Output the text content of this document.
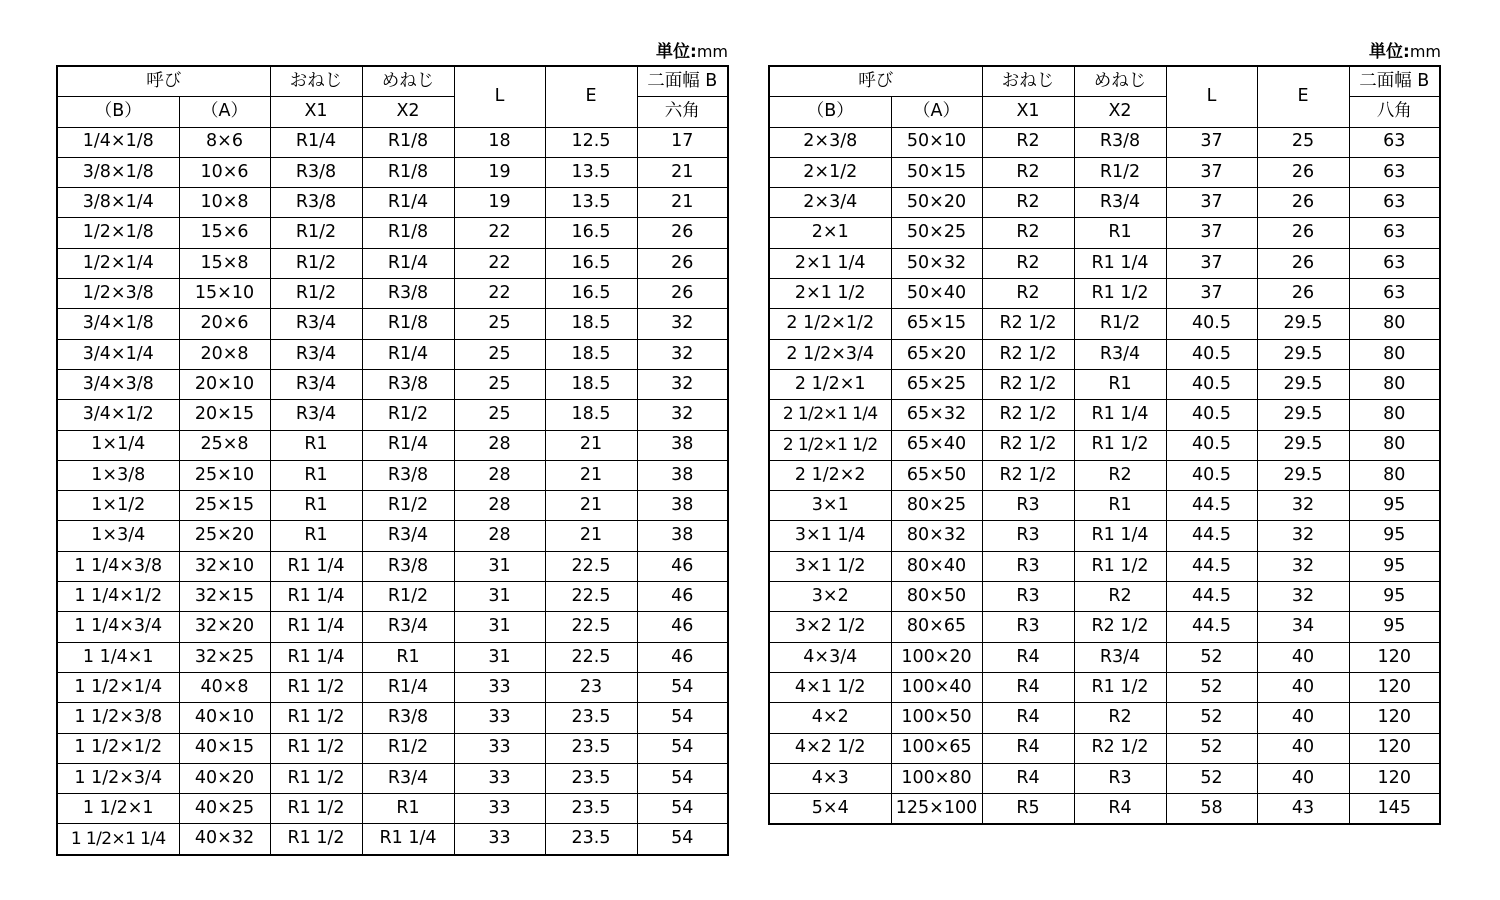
単位:mm	単位:mm
呼び		おねじ	めねじ	L	E	二面幅 B
（B）	（A）	X1	X2			六角
1/4×1/8	8×6	R1/4	R1/8	18	12.5	17
3/8×1/8	10×6	R3/8	R1/8	19	13.5	21
3/8×1/4	10×8	R3/8	R1/4	19	13.5	21
1/2×1/8	15×6	R1/2	R1/8	22	16.5	26
1/2×1/4	15×8	R1/2	R1/4	22	16.5	26
1/2×3/8	15×10	R1/2	R3/8	22	16.5	26
3/4×1/8	20×6	R3/4	R1/8	25	18.5	32
3/4×1/4	20×8	R3/4	R1/4	25	18.5	32
3/4×3/8	20×10	R3/4	R3/8	25	18.5	32
3/4×1/2	20×15	R3/4	R1/2	25	18.5	32
1×1/4	25×8	R1	R1/4	28	21	38
1×3/8	25×10	R1	R3/8	28	21	38
1×1/2	25×15	R1	R1/2	28	21	38
1×3/4	25×20	R1	R3/4	28	21	38
1 1/4×3/8	32×10	R1 1/4	R3/8	31	22.5	46
1 1/4×1/2	32×15	R1 1/4	R1/2	31	22.5	46
1 1/4×3/4	32×20	R1 1/4	R3/4	31	22.5	46
1 1/4×1	32×25	R1 1/4	R1	31	22.5	46
1 1/2×1/4	40×8	R1 1/2	R1/4	33	23	54
1 1/2×3/8	40×10	R1 1/2	R3/8	33	23.5	54
1 1/2×1/2	40×15	R1 1/2	R1/2	33	23.5	54
1 1/2×3/4	40×20	R1 1/2	R3/4	33	23.5	54
1 1/2×1	40×25	R1 1/2	R1	33	23.5	54
1 1/2×1 1/4	40×32	R1 1/2	R1 1/4	33	23.5	54
呼び		おねじ	めねじ	L	E	二面幅 B
（B）	（A）	X1	X2			八角
2×3/8	50×10	R2	R3/8	37	25	63
2×1/2	50×15	R2	R1/2	37	26	63
2×3/4	50×20	R2	R3/4	37	26	63
2×1	50×25	R2	R1	37	26	63
2×1 1/4	50×32	R2	R1 1/4	37	26	63
2×1 1/2	50×40	R2	R1 1/2	37	26	63
2 1/2×1/2	65×15	R2 1/2	R1/2	40.5	29.5	80
2 1/2×3/4	65×20	R2 1/2	R3/4	40.5	29.5	80
2 1/2×1	65×25	R2 1/2	R1	40.5	29.5	80
2 1/2×1 1/4	65×32	R2 1/2	R1 1/4	40.5	29.5	80
2 1/2×1 1/2	65×40	R2 1/2	R1 1/2	40.5	29.5	80
2 1/2×2	65×50	R2 1/2	R2	40.5	29.5	80
3×1	80×25	R3	R1	44.5	32	95
3×1 1/4	80×32	R3	R1 1/4	44.5	32	95
3×1 1/2	80×40	R3	R1 1/2	44.5	32	95
3×2	80×50	R3	R2	44.5	32	95
3×2 1/2	80×65	R3	R2 1/2	44.5	34	95
4×3/4	100×20	R4	R3/4	52	40	120
4×1 1/2	100×40	R4	R1 1/2	52	40	120
4×2	100×50	R4	R2	52	40	120
4×2 1/2	100×65	R4	R2 1/2	52	40	120
4×3	100×80	R4	R3	52	40	120
5×4	125×100	R5	R4	58	43	145
